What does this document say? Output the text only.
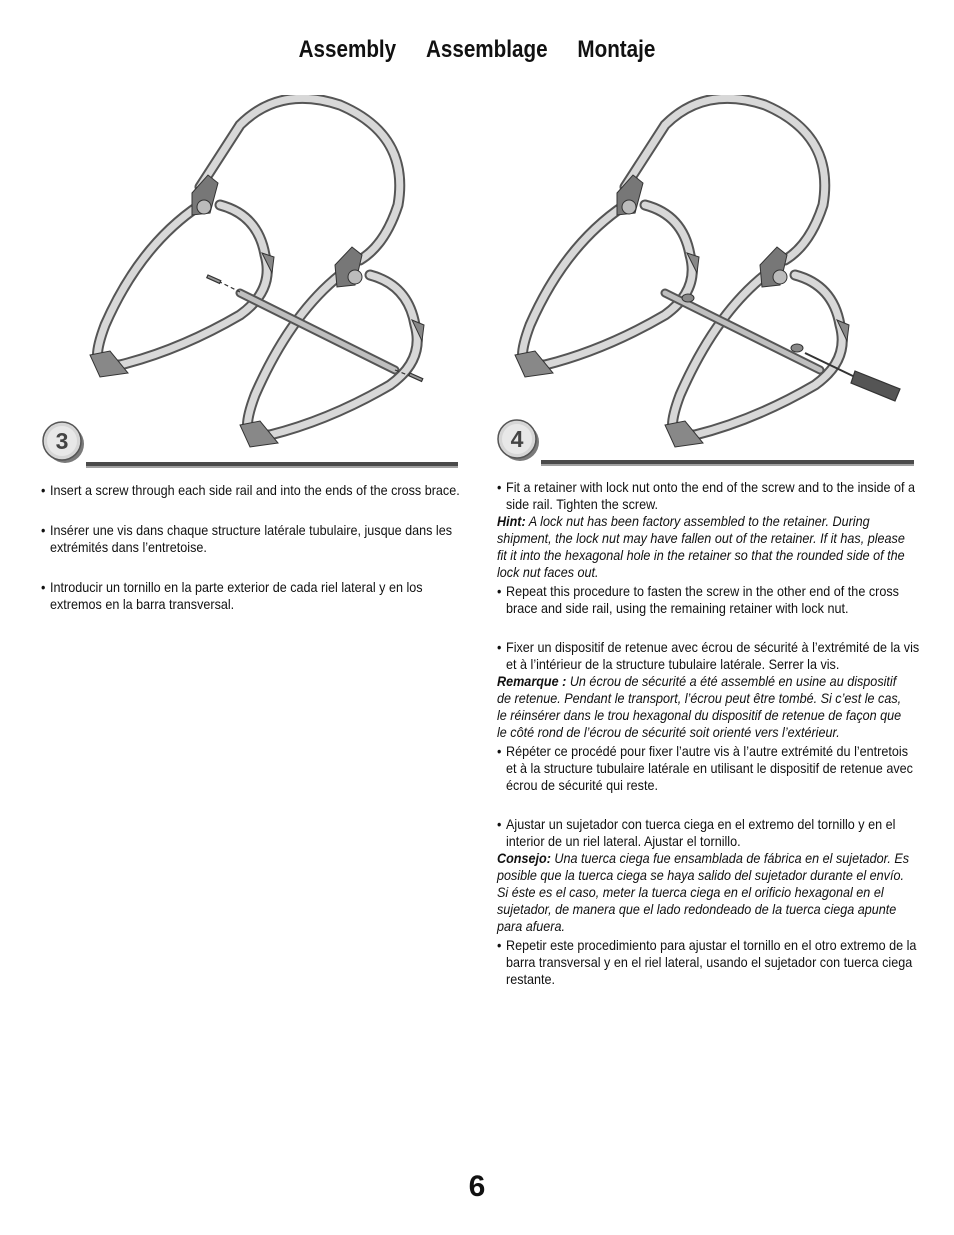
Assembly Assemblage Montaje
3	4

• Insert a screw through each side rail and into the ends of the cross brace.

• Insérer une vis dans chaque structure latérale tubulaire, jusque dans les extrémités dans l’entretoise.

• Introducir un tornillo en la parte exterior de cada riel lateral y en los extremos en la barra transversal.

• Fit a retainer with lock nut onto the end of the screw and to the inside of a side rail. Tighten the screw.

Hint: A lock nut has been factory assembled to the retainer. During shipment, the lock nut may have fallen out of the retainer. If it has, please fit it into the hexagonal hole in the retainer so that the rounded side of the lock nut faces out.

• Repeat this procedure to fasten the screw in the other end of the cross brace and side rail, using the remaining retainer with lock nut.

• Fixer un dispositif de retenue avec écrou de sécurité à l’extrémité de la vis et à l’intérieur de la structure tubulaire latérale. Serrer la vis.

Remarque : Un écrou de sécurité a été assemblé en usine au dispositif de retenue. Pendant le transport, l’écrou peut être tombé. Si c’est le cas, le réinsérer dans le trou hexagonal du dispositif de retenue de façon que le côté rond de l’écrou de sécurité soit orienté vers l’extérieur.

• Répéter ce procédé pour fixer l’autre vis à l’autre extrémité du l’entretois et à la structure tubulaire latérale en utilisant le dispositif de retenue avec écrou de sécurité qui reste.

• Ajustar un sujetador con tuerca ciega en el extremo del tornillo y en el interior de un riel lateral. Ajustar el tornillo.

Consejo: Una tuerca ciega fue ensamblada de fábrica en el sujetador. Es posible que la tuerca ciega se haya salido del sujetador durante el envío. Si éste es el caso, meter la tuerca ciega en el orificio hexagonal en el sujetador, de manera que el lado redondeado de la tuerca ciega apunte para afuera.

• Repetir este procedimiento para ajustar el tornillo en el otro extremo de la barra transversal y en el riel lateral, usando el sujetador con tuerca ciega restante.

6
